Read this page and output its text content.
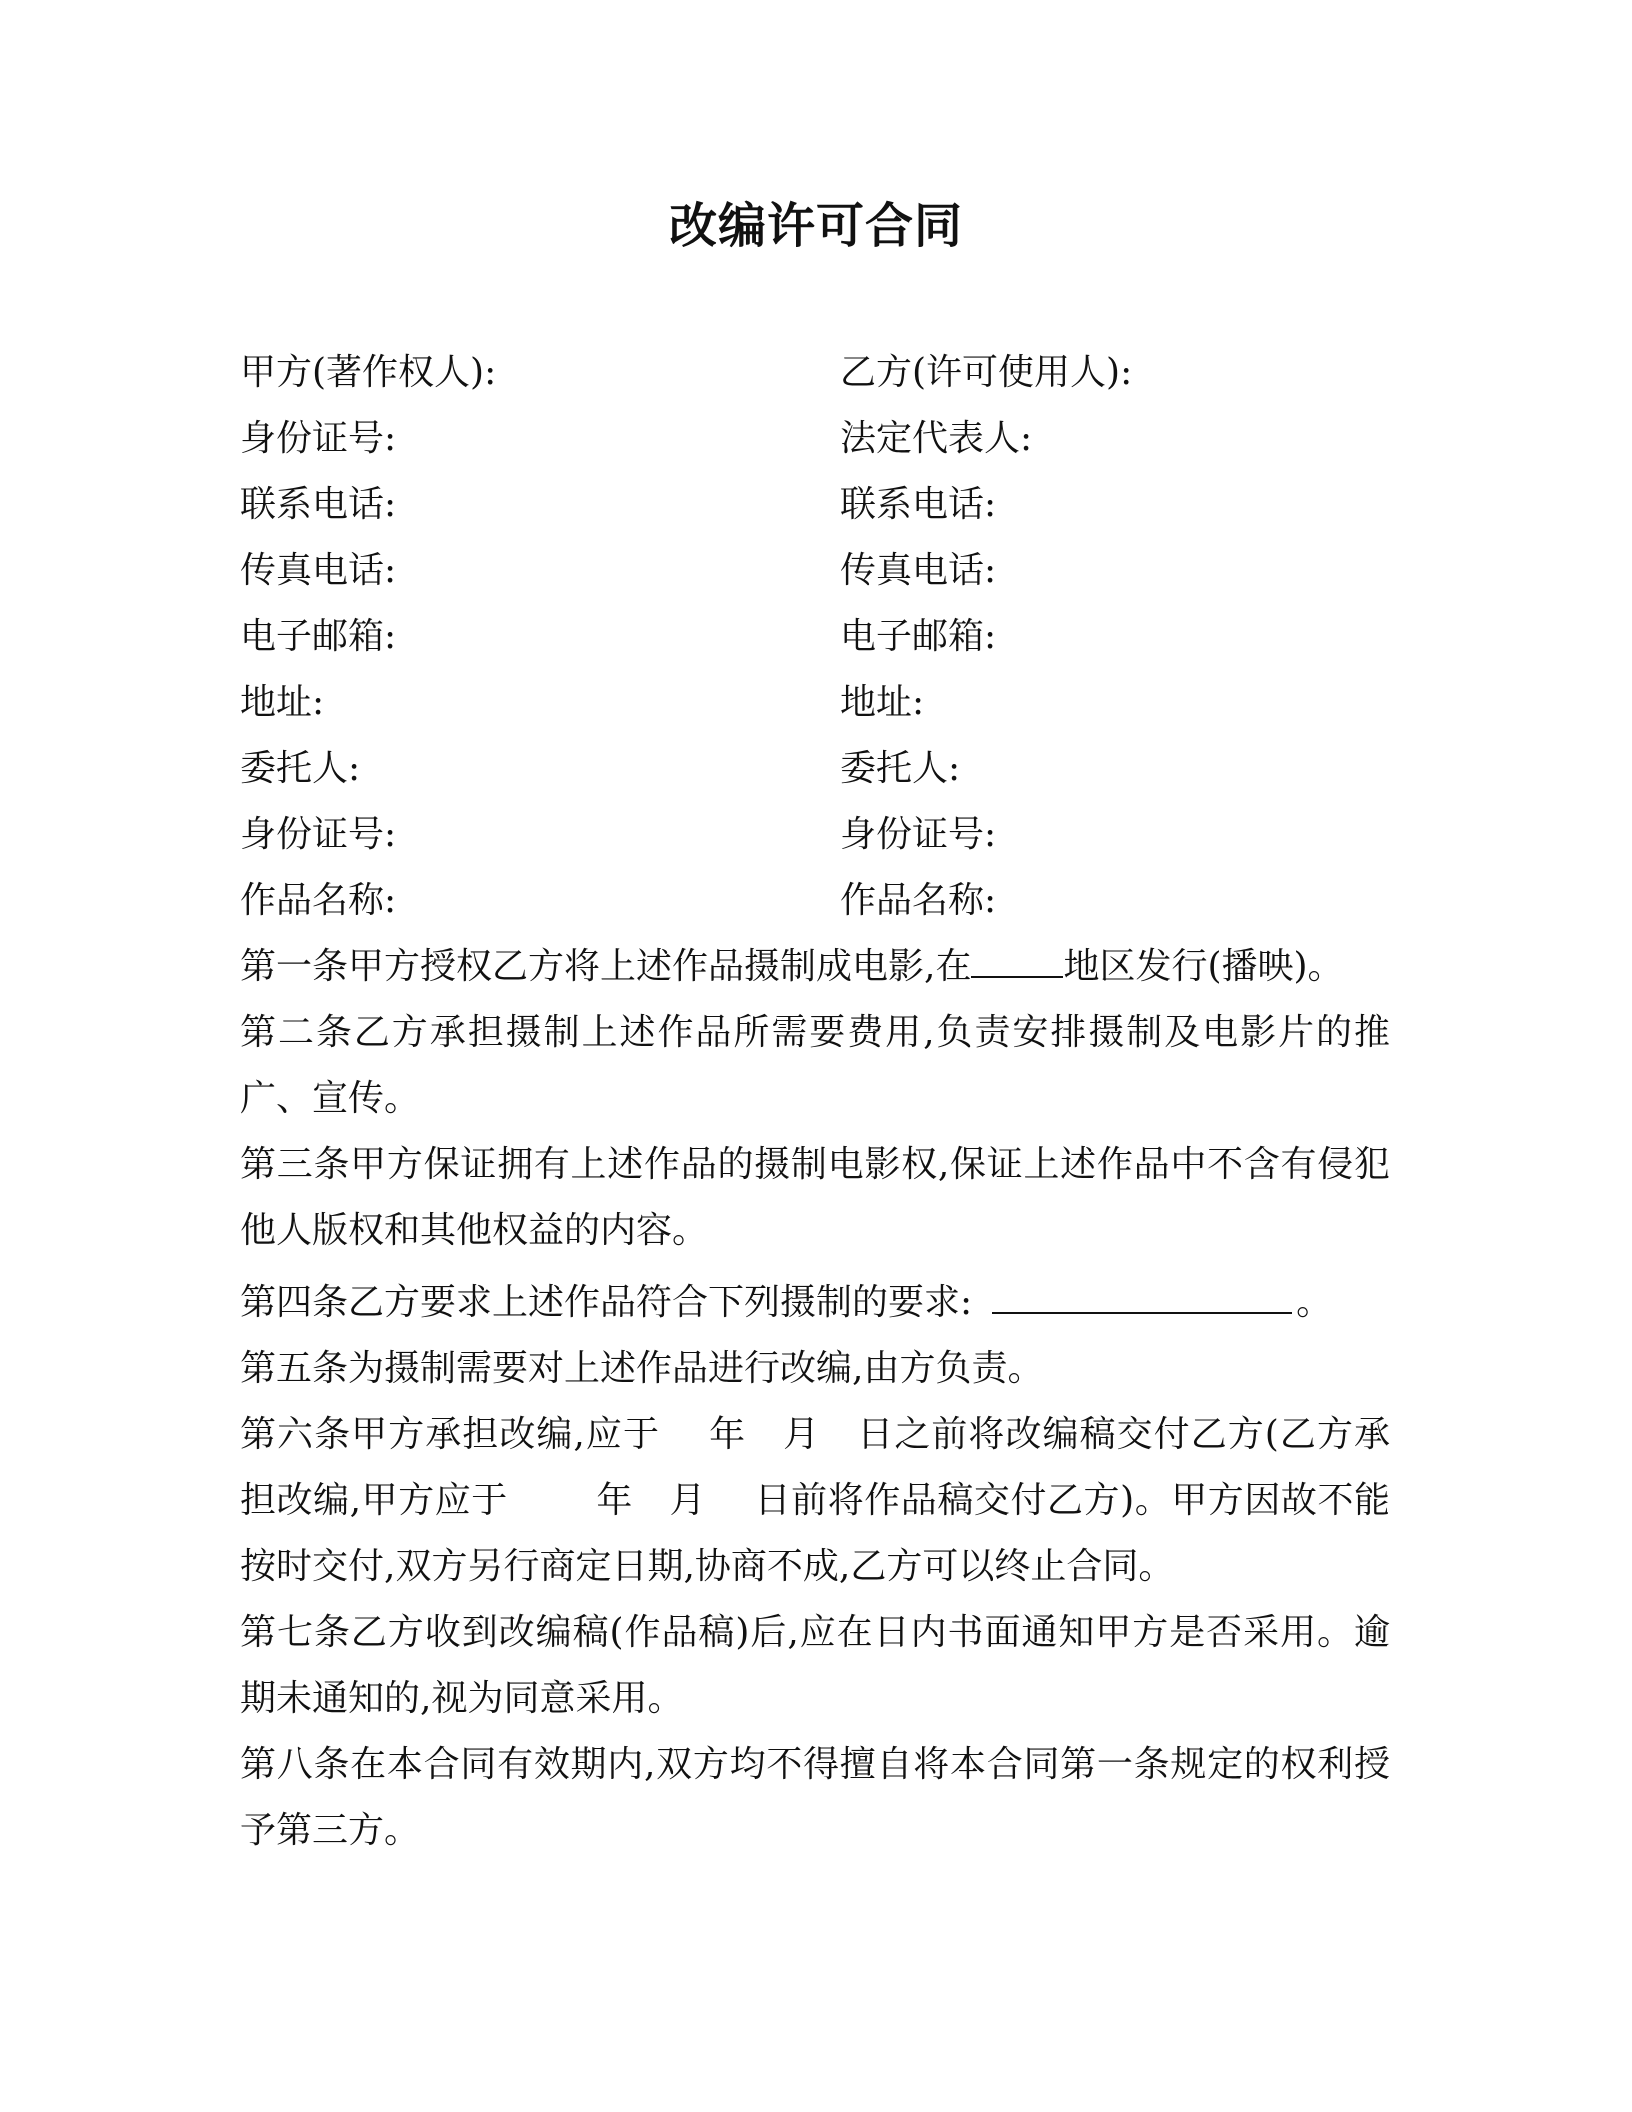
改编许可合同
甲方(著作权人):	乙方(许可使用人):
身份证号:	法定代表人:
联系电话:	联系电话:
传真电话:	传真电话:
电子邮箱:	电子邮箱:
地址:	地址:
委托人:	委托人:
身份证号:	身份证号:
作品名称:	作品名称:

第一条甲方授权乙方将上述作品摄制成电影,在	地区发行(播映)。

第二条乙方承担摄制上述作品所需要费用,负责安排摄制及电影片的推广、宣传。

第三条甲方保证拥有上述作品的摄制电影权,保证上述作品中不含有侵犯他人版权和其他权益的内容。

第四条乙方要求上述作品符合下列摄制的要求:	。

第五条为摄制需要对上述作品进行改编,由方负责。

第六条甲方承担改编,应于 年 月 日之前将改编稿交付乙方(乙方承担改编,甲方应于 年 月 日前将作品稿交付乙方)。甲方因故不能按时交付,双方另行商定日期,协商不成,乙方可以终止合同。

第七条乙方收到改编稿(作品稿)后,应在日内书面通知甲方是否采用。逾期未通知的,视为同意采用。

第八条在本合同有效期内,双方均不得擅自将本合同第一条规定的权利授予第三方。
